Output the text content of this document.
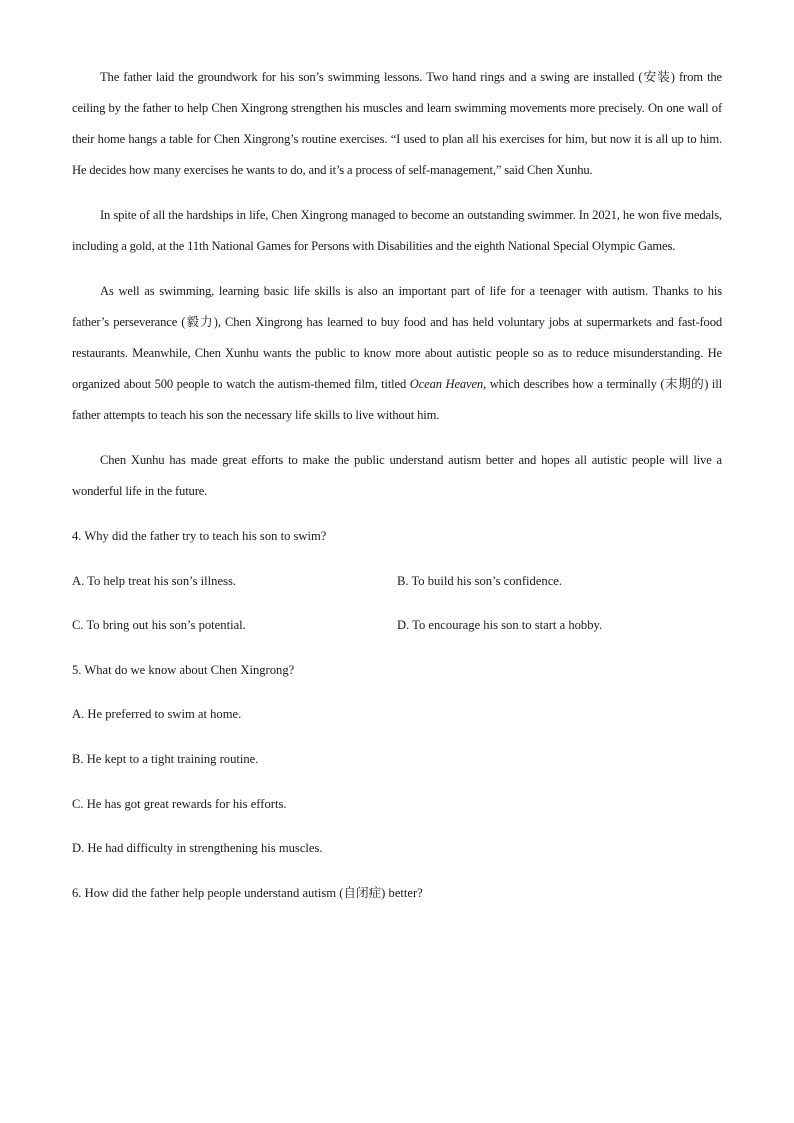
The father laid the groundwork for his son’s swimming lessons. Two hand rings and a swing are installed (安装) from the ceiling by the father to help Chen Xingrong strengthen his muscles and learn swimming movements more precisely. On one wall of their home hangs a table for Chen Xingrong’s routine exercises. “I used to plan all his exercises for him, but now it is all up to him. He decides how many exercises he wants to do, and it’s a process of self-management,” said Chen Xunhu.

In spite of all the hardships in life, Chen Xingrong managed to become an outstanding swimmer. In 2021, he won five medals, including a gold, at the 11th National Games for Persons with Disabilities and the eighth National Special Olympic Games.

As well as swimming, learning basic life skills is also an important part of life for a teenager with autism. Thanks to his father’s perseverance (毅力), Chen Xingrong has learned to buy food and has held voluntary jobs at supermarkets and fast-food restaurants. Meanwhile, Chen Xunhu wants the public to know more about autistic people so as to reduce misunderstanding. He organized about 500 people to watch the autism-themed film, titled Ocean Heaven, which describes how a terminally (末期的) ill father attempts to teach his son the necessary life skills to live without him.

Chen Xunhu has made great efforts to make the public understand autism better and hopes all autistic people will live a wonderful life in the future.

4. Why did the father try to teach his son to swim?
A. To help treat his son’s illness.	B. To build his son’s confidence.
C. To bring out his son’s potential.	D. To encourage his son to start a hobby.
5. What do we know about Chen Xingrong?
A. He preferred to swim at home.
B. He kept to a tight training routine.
C. He has got great rewards for his efforts.
D. He had difficulty in strengthening his muscles.
6. How did the father help people understand autism (自闭症) better?
